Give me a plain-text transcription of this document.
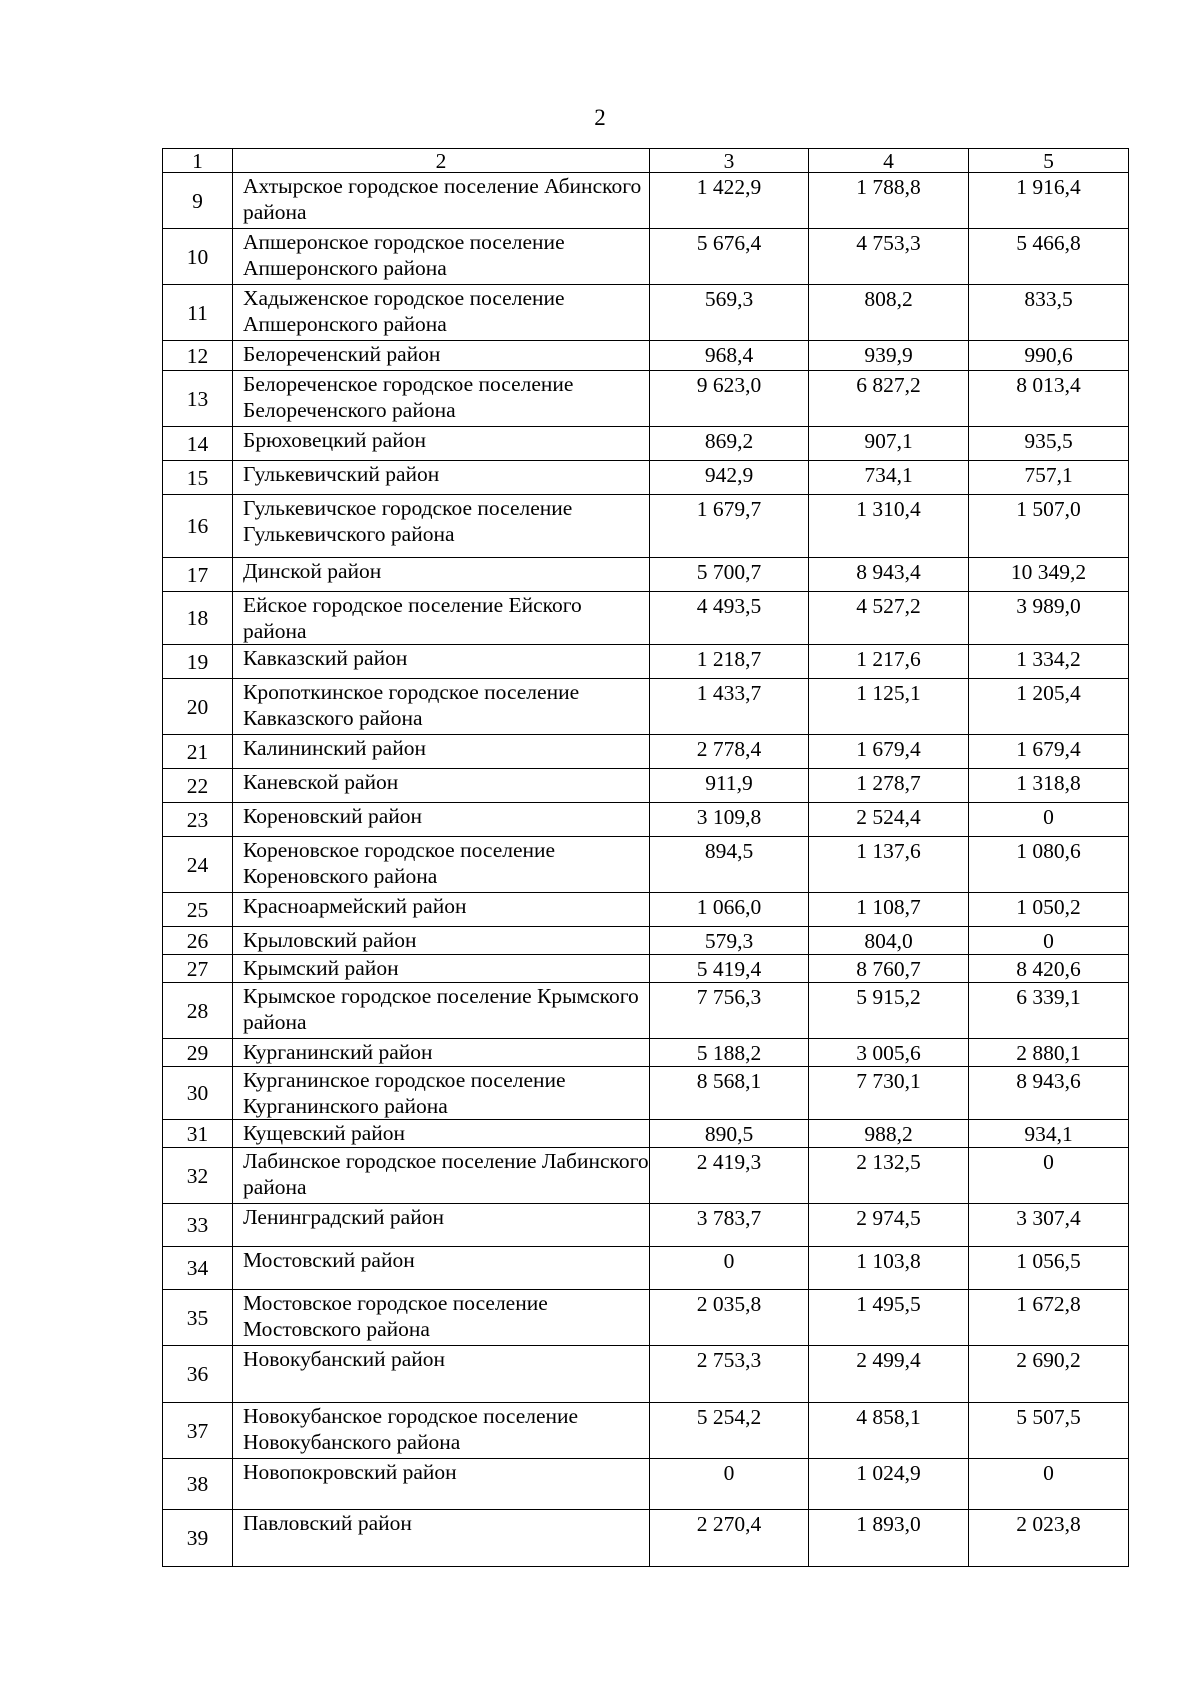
2
1	2	3	4	5
9	Ахтырское городское поселение Абинского района	1 422,9	1 788,8	1 916,4
10	Апшеронское городское поселение Апшеронского района	5 676,4	4 753,3	5 466,8
11	Хадыженское городское поселение Апшеронского района	569,3	808,2	833,5
12	Белореченский район	968,4	939,9	990,6
13	Белореченское городское поселение Белореченского района	9 623,0	6 827,2	8 013,4
14	Брюховецкий район	869,2	907,1	935,5
15	Гулькевичский район	942,9	734,1	757,1
16	Гулькевичское городское поселение Гулькевичского района	1 679,7	1 310,4	1 507,0
17	Динской район	5 700,7	8 943,4	10 349,2
18	Ейское городское поселение Ейского района	4 493,5	4 527,2	3 989,0
19	Кавказский район	1 218,7	1 217,6	1 334,2
20	Кропоткинское городское поселение Кавказского района	1 433,7	1 125,1	1 205,4
21	Калининский район	2 778,4	1 679,4	1 679,4
22	Каневской район	911,9	1 278,7	1 318,8
23	Кореновский район	3 109,8	2 524,4	0
24	Кореновское городское поселение Кореновского района	894,5	1 137,6	1 080,6
25	Красноармейский район	1 066,0	1 108,7	1 050,2
26	Крыловский район	579,3	804,0	0
27	Крымский район	5 419,4	8 760,7	8 420,6
28	Крымское городское поселение Крымского района	7 756,3	5 915,2	6 339,1
29	Курганинский район	5 188,2	3 005,6	2 880,1
30	Курганинское городское поселение Курганинского района	8 568,1	7 730,1	8 943,6
31	Кущевский район	890,5	988,2	934,1
32	Лабинское городское поселение Лабинского района	2 419,3	2 132,5	0
33	Ленинградский район	3 783,7	2 974,5	3 307,4
34	Мостовский район	0	1 103,8	1 056,5
35	Мостовское городское поселение Мостовского района	2 035,8	1 495,5	1 672,8
36	Новокубанский район	2 753,3	2 499,4	2 690,2
37	Новокубанское городское поселение Новокубанского района	5 254,2	4 858,1	5 507,5
38	Новопокровский район	0	1 024,9	0
39	Павловский район	2 270,4	1 893,0	2 023,8
